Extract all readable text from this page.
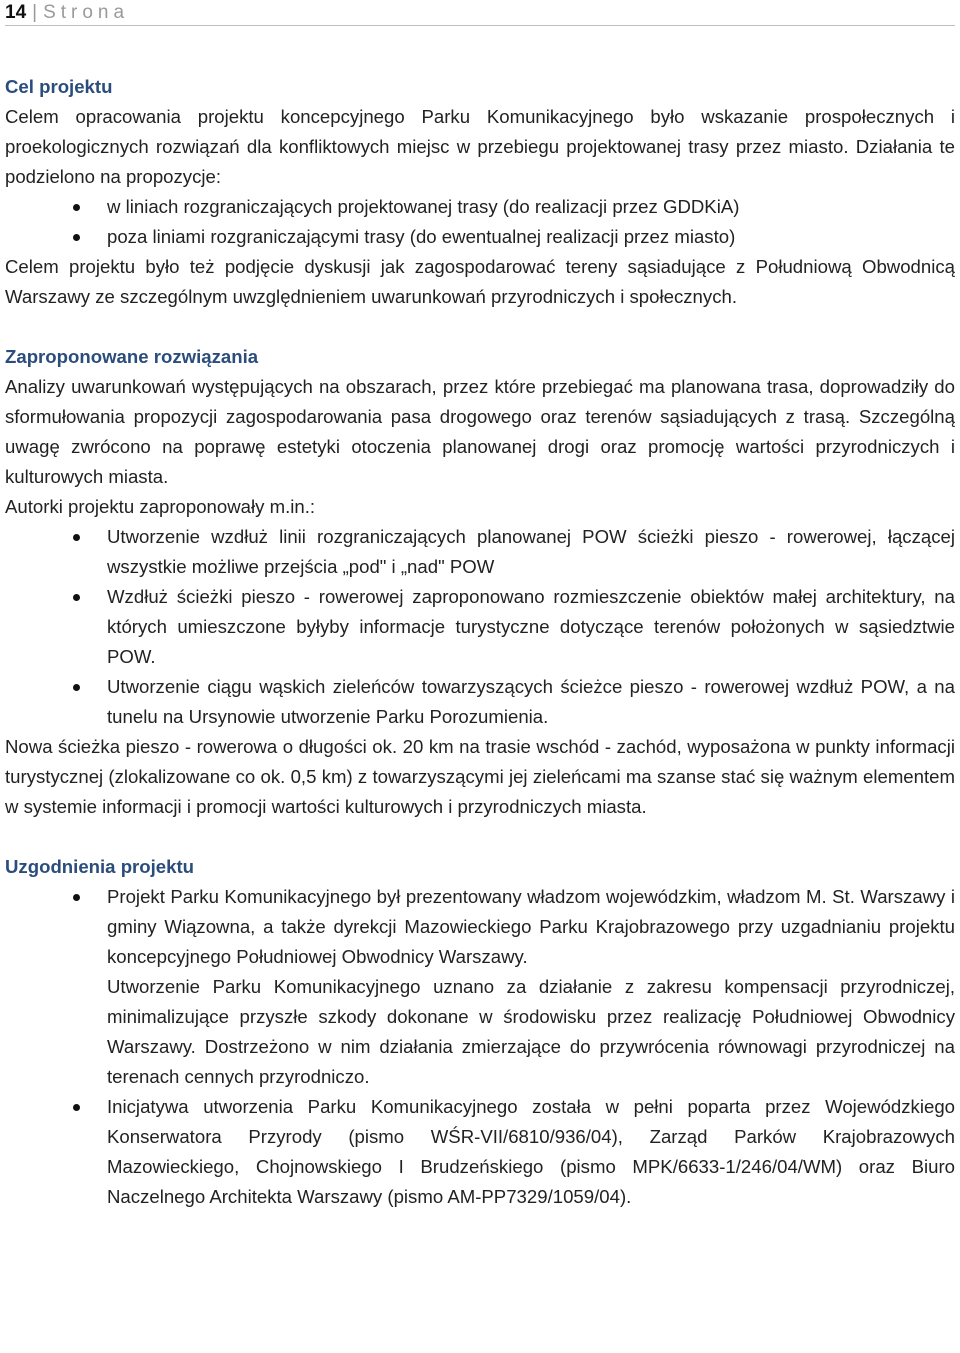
14 | Strona
Cel projektu

Celem opracowania projektu koncepcyjnego Parku Komunikacyjnego było wskazanie prospołecznych i proekologicznych rozwiązań dla konfliktowych miejsc w przebiegu projektowanej trasy przez miasto. Działania te podzielono na propozycje:

w liniach rozgraniczających projektowanej trasy (do realizacji przez GDDKiA)
poza liniami rozgraniczającymi trasy (do ewentualnej realizacji przez miasto)

Celem projektu było też podjęcie dyskusji jak zagospodarować tereny sąsiadujące z Południową Obwodnicą Warszawy ze szczególnym uwzględnieniem uwarunkowań przyrodniczych i społecznych.

Zaproponowane rozwiązania

Analizy uwarunkowań występujących na obszarach, przez które przebiegać ma planowana trasa, doprowadziły do sformułowania propozycji zagospodarowania pasa drogowego oraz terenów sąsiadujących z trasą. Szczególną uwagę zwrócono na poprawę estetyki otoczenia planowanej drogi oraz promocję wartości przyrodniczych i kulturowych miasta.

Autorki projektu zaproponowały m.in.:

Utworzenie wzdłuż linii rozgraniczających planowanej POW ścieżki pieszo - rowerowej, łączącej wszystkie możliwe przejścia „pod" i „nad" POW
Wzdłuż ścieżki pieszo - rowerowej zaproponowano rozmieszczenie obiektów małej architektury, na których umieszczone byłyby informacje turystyczne dotyczące terenów położonych w sąsiedztwie POW.
Utworzenie ciągu wąskich zieleńców towarzyszących ścieżce pieszo - rowerowej wzdłuż POW, a na tunelu na Ursynowie utworzenie Parku Porozumienia.

Nowa ścieżka pieszo - rowerowa o długości ok. 20 km na trasie wschód - zachód, wyposażona w punkty informacji turystycznej (zlokalizowane co ok. 0,5 km) z towarzyszącymi jej zieleńcami ma szanse stać się ważnym elementem w systemie informacji i promocji wartości kulturowych i przyrodniczych miasta.

Uzgodnienia projektu
Projekt Parku Komunikacyjnego był prezentowany władzom wojewódzkim, władzom M. St. Warszawy i gminy Wiązowna, a także dyrekcji Mazowieckiego Parku Krajobrazowego przy uzgadnianiu projektu koncepcyjnego Południowej Obwodnicy Warszawy.

Utworzenie Parku Komunikacyjnego uznano za działanie z zakresu kompensacji przyrodniczej, minimalizujące przyszłe szkody dokonane w środowisku przez realizację Południowej Obwodnicy Warszawy. Dostrzeżono w nim działania zmierzające do przywrócenia równowagi przyrodniczej na terenach cennych przyrodniczo.

Inicjatywa utworzenia Parku Komunikacyjnego została w pełni poparta przez Wojewódzkiego Konserwatora Przyrody (pismo WŚR-VII/6810/936/04), Zarząd Parków Krajobrazowych Mazowieckiego, Chojnowskiego I Brudzeńskiego (pismo MPK/6633-1/246/04/WM) oraz Biuro Naczelnego Architekta Warszawy (pismo AM-PP7329/1059/04).
